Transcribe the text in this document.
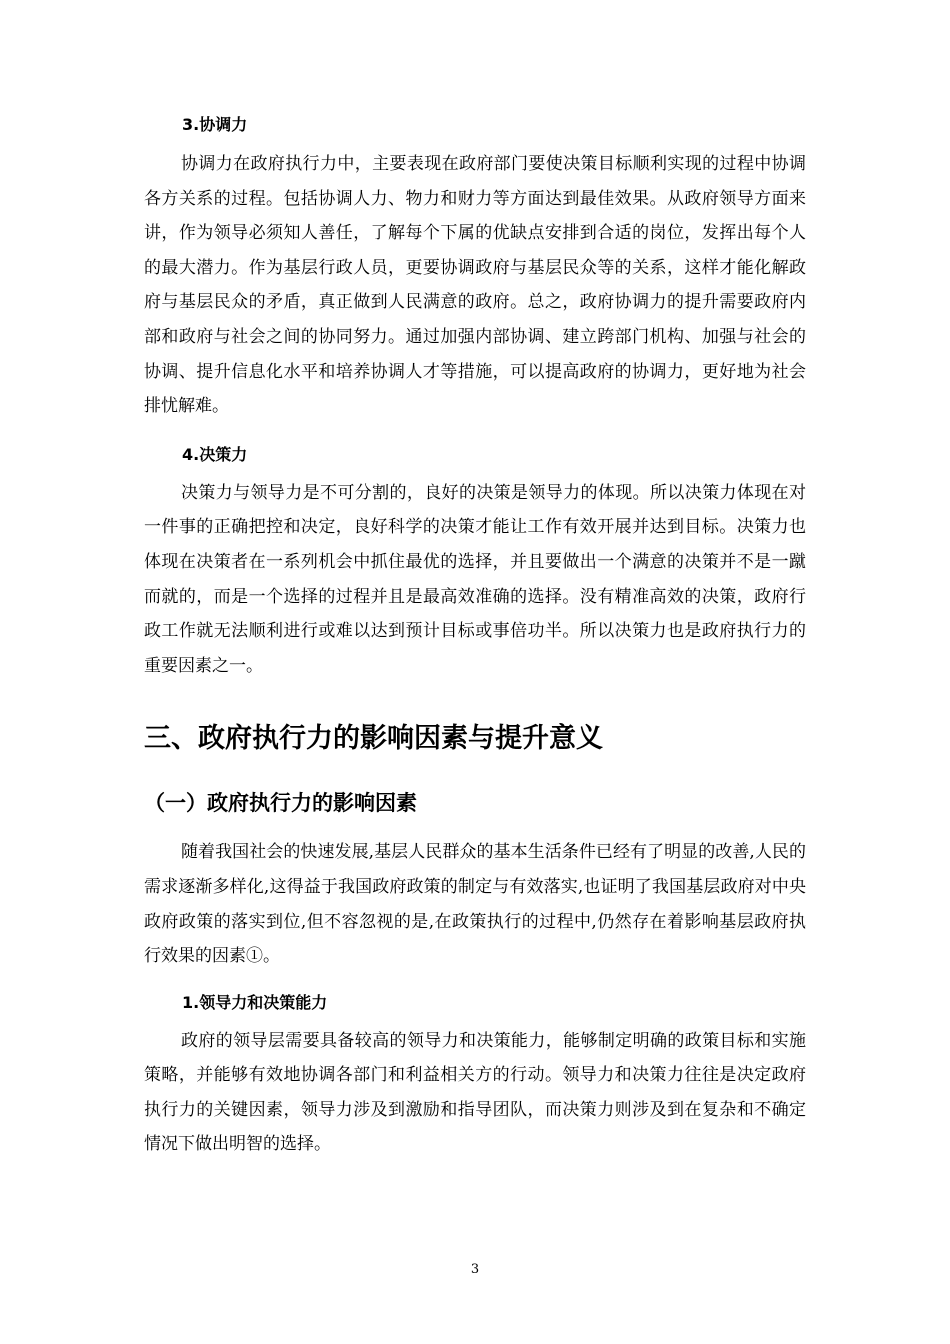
3.协调力

协调力在政府执行力中，主要表现在政府部门要使决策目标顺利实现的过程中协调各方关系的过程。包括协调人力、物力和财力等方面达到最佳效果。从政府领导方面来讲，作为领导必须知人善任，了解每个下属的优缺点安排到合适的岗位，发挥出每个人的最大潜力。作为基层行政人员，更要协调政府与基层民众等的关系，这样才能化解政府与基层民众的矛盾，真正做到人民满意的政府。总之，政府协调力的提升需要政府内部和政府与社会之间的协同努力。通过加强内部协调、建立跨部门机构、加强与社会的协调、提升信息化水平和培养协调人才等措施，可以提高政府的协调力，更好地为社会排忧解难。

4.决策力

决策力与领导力是不可分割的，良好的决策是领导力的体现。所以决策力体现在对一件事的正确把控和决定，良好科学的决策才能让工作有效开展并达到目标。决策力也体现在决策者在一系列机会中抓住最优的选择，并且要做出一个满意的决策并不是一蹴而就的，而是一个选择的过程并且是最高效准确的选择。没有精准高效的决策，政府行政工作就无法顺利进行或难以达到预计目标或事倍功半。所以决策力也是政府执行力的重要因素之一。

三、政府执行力的影响因素与提升意义
（一）政府执行力的影响因素

随着我国社会的快速发展,基层人民群众的基本生活条件已经有了明显的改善,人民的需求逐渐多样化,这得益于我国政府政策的制定与有效落实,也证明了我国基层政府对中央政府政策的落实到位,但不容忽视的是,在政策执行的过程中,仍然存在着影响基层政府执行效果的因素①。

1.领导力和决策能力

政府的领导层需要具备较高的领导力和决策能力，能够制定明确的政策目标和实施策略，并能够有效地协调各部门和利益相关方的行动。领导力和决策力往往是决定政府执行力的关键因素，领导力涉及到激励和指导团队，而决策力则涉及到在复杂和不确定情况下做出明智的选择。

3
